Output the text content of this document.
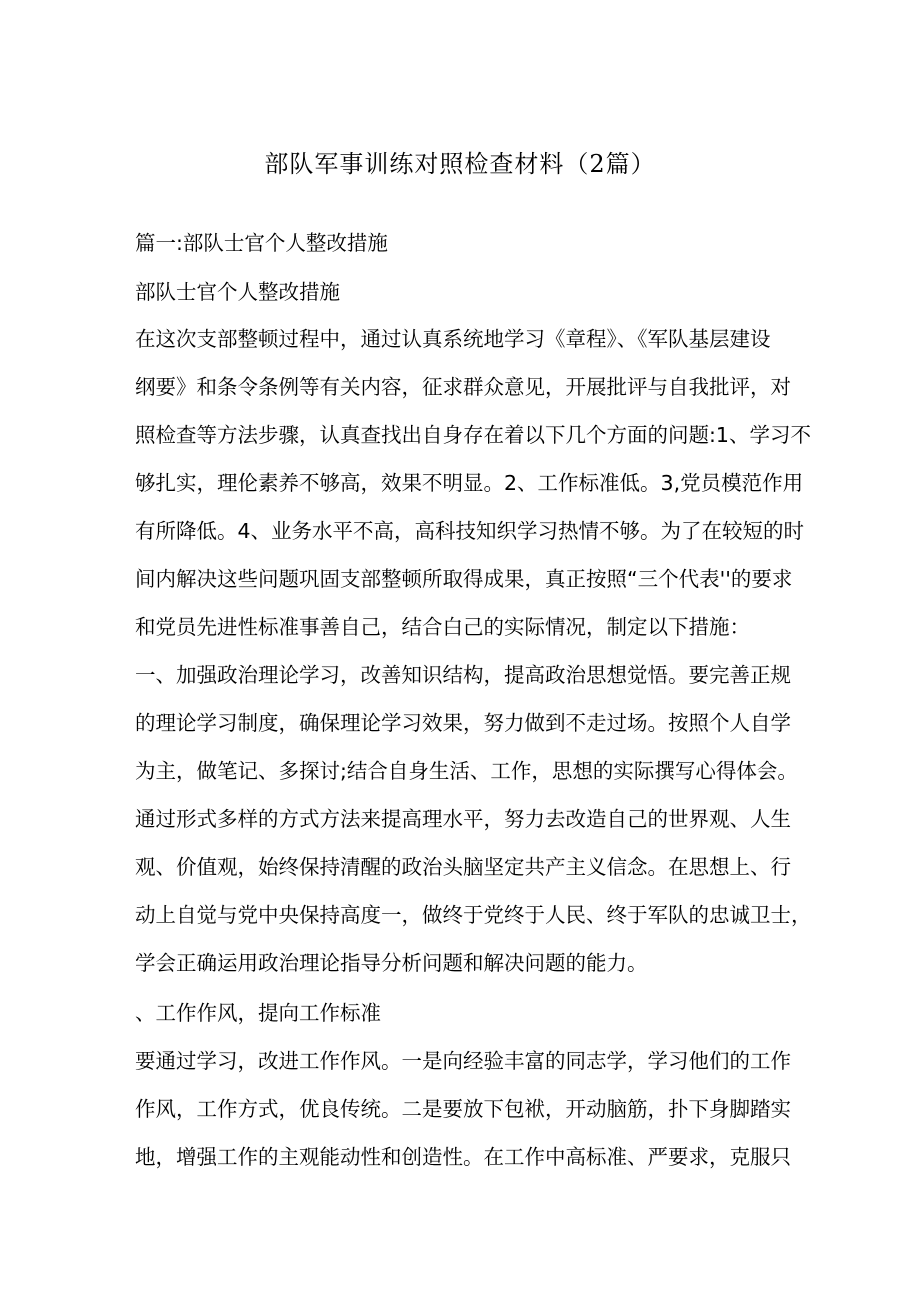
部队军事训练对照检查材料（2篇）
篇一:部队士官个人整改措施
部队士官个人整改措施
在这次支部整顿过程中，通过认真系统地学习《章程》、《军队基层建设
纲要》和条令条例等有关内容，征求群众意见，开展批评与自我批评，对
照检查等方法步骤，认真查找出自身存在着以下几个方面的问题:1、学习不
够扎实，理伦素养不够高，效果不明显。2、工作标准低。3,党员模范作用
有所降低。4、业务水平不高，高科技知织学习热情不够。为了在较短的时
间内解决这些问题巩固支部整顿所取得成果，真正按照“三个代表''的要求
和党员先进性标准事善自己，结合白己的实际情况，制定以下措施：
一、加强政治理论学习，改善知识结构，提高政治思想觉悟。要完善正规
的理论学习制度，确保理论学习效果，努力做到不走过场。按照个人自学
为主，做笔记、多探讨;结合自身生活、工作，思想的实际撰写心得体会。
通过形式多样的方式方法来提高理水平，努力去改造自己的世界观、人生
观、价值观，始终保持清醒的政治头脑坚定共产主义信念。在思想上、行
动上自觉与党中央保持高度一，做终于党终于人民、终于军队的忠诚卫士，
学会正确运用政治理论指导分析问题和解决问题的能力。
、工作作风，提向工作标准
要通过学习，改进工作作风。一是向经验丰富的同志学，学习他们的工作
作风，工作方式，优良传统。二是要放下包袱，开动脑筋，扑下身脚踏实
地，增强工作的主观能动性和创造性。在工作中高标准、严要求，克服只
